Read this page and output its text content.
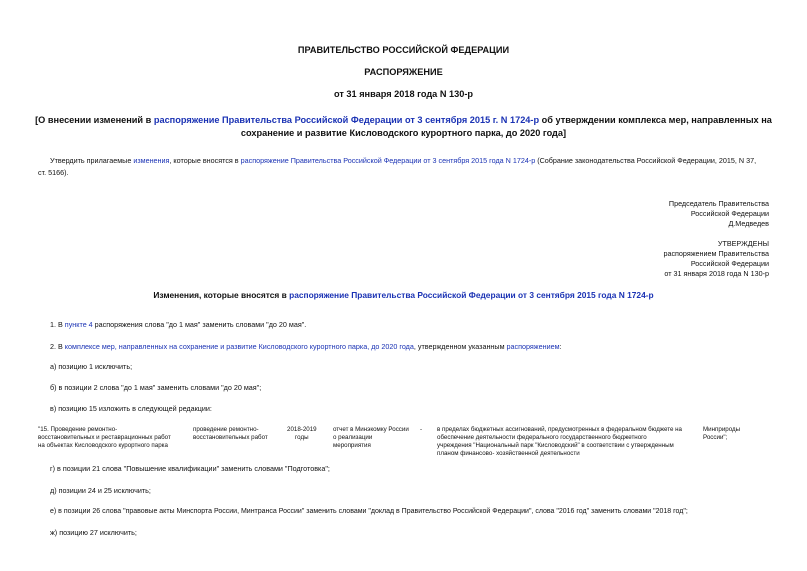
ПРАВИТЕЛЬСТВО РОССИЙСКОЙ ФЕДЕРАЦИИ
РАСПОРЯЖЕНИЕ
от 31 января 2018 года N 130-р
[О внесении изменений в распоряжение Правительства Российской Федерации от 3 сентября 2015 г. N 1724-р об утверждении комплекса мер, направленных на
сохранение и развитие Кисловодского курортного парка, до 2020 года]
Утвердить прилагаемые изменения, которые вносятся в распоряжение Правительства Российской Федерации от 3 сентября 2015 года N 1724-р (Собрание законодательства Российской Федерации, 2015, N 37,
ст. 5166).
Председатель Правительства
Российской Федерации
Д.Медведев
УТВЕРЖДЕНЫ
распоряжением Правительства
Российской Федерации
от 31 января 2018 года N 130-р
Изменения, которые вносятся в распоряжение Правительства Российской Федерации от 3 сентября 2015 года N 1724-р
1. В пункте 4 распоряжения слова "до 1 мая" заменить словами "до 20 мая".
2. В комплексе мер, направленных на сохранение и развитие Кисловодского курортного парка, до 2020 года, утвержденном указанным распоряжением:
а) позицию 1 исключить;
б) в позиции 2 слова "до 1 мая" заменить словами "до 20 мая";
в) позицию 15 изложить в следующей редакции:
"15. Проведение ремонтно-
восстановительных и реставрационных работ
на объектах Кисловодского курортного парка
проведение ремонтно-
восстановительных работ
2018-2019
годы
отчет в Минэкомку России
о реализации
мероприятия
- в пределах бюджетных ассигнований, предусмотренных в федеральном бюджете на
обеспечение деятельности федерального государственного бюджетного
учреждения "Национальный парк "Кисловодский" в соответствии с утвержденным
планом финансово- хозяйственной деятельности
Минприроды
России";
г) в позиции 21 слова "Повышение квалификации" заменить словами "Подготовка";
д) позиции 24 и 25 исключить;
е) в позиции 26 слова "правовые акты Минспорта России, Минтранса России" заменить словами "доклад в Правительство Российской Федерации", слова "2016 год" заменить словами "2018 год";
ж) позицию 27 исключить;
